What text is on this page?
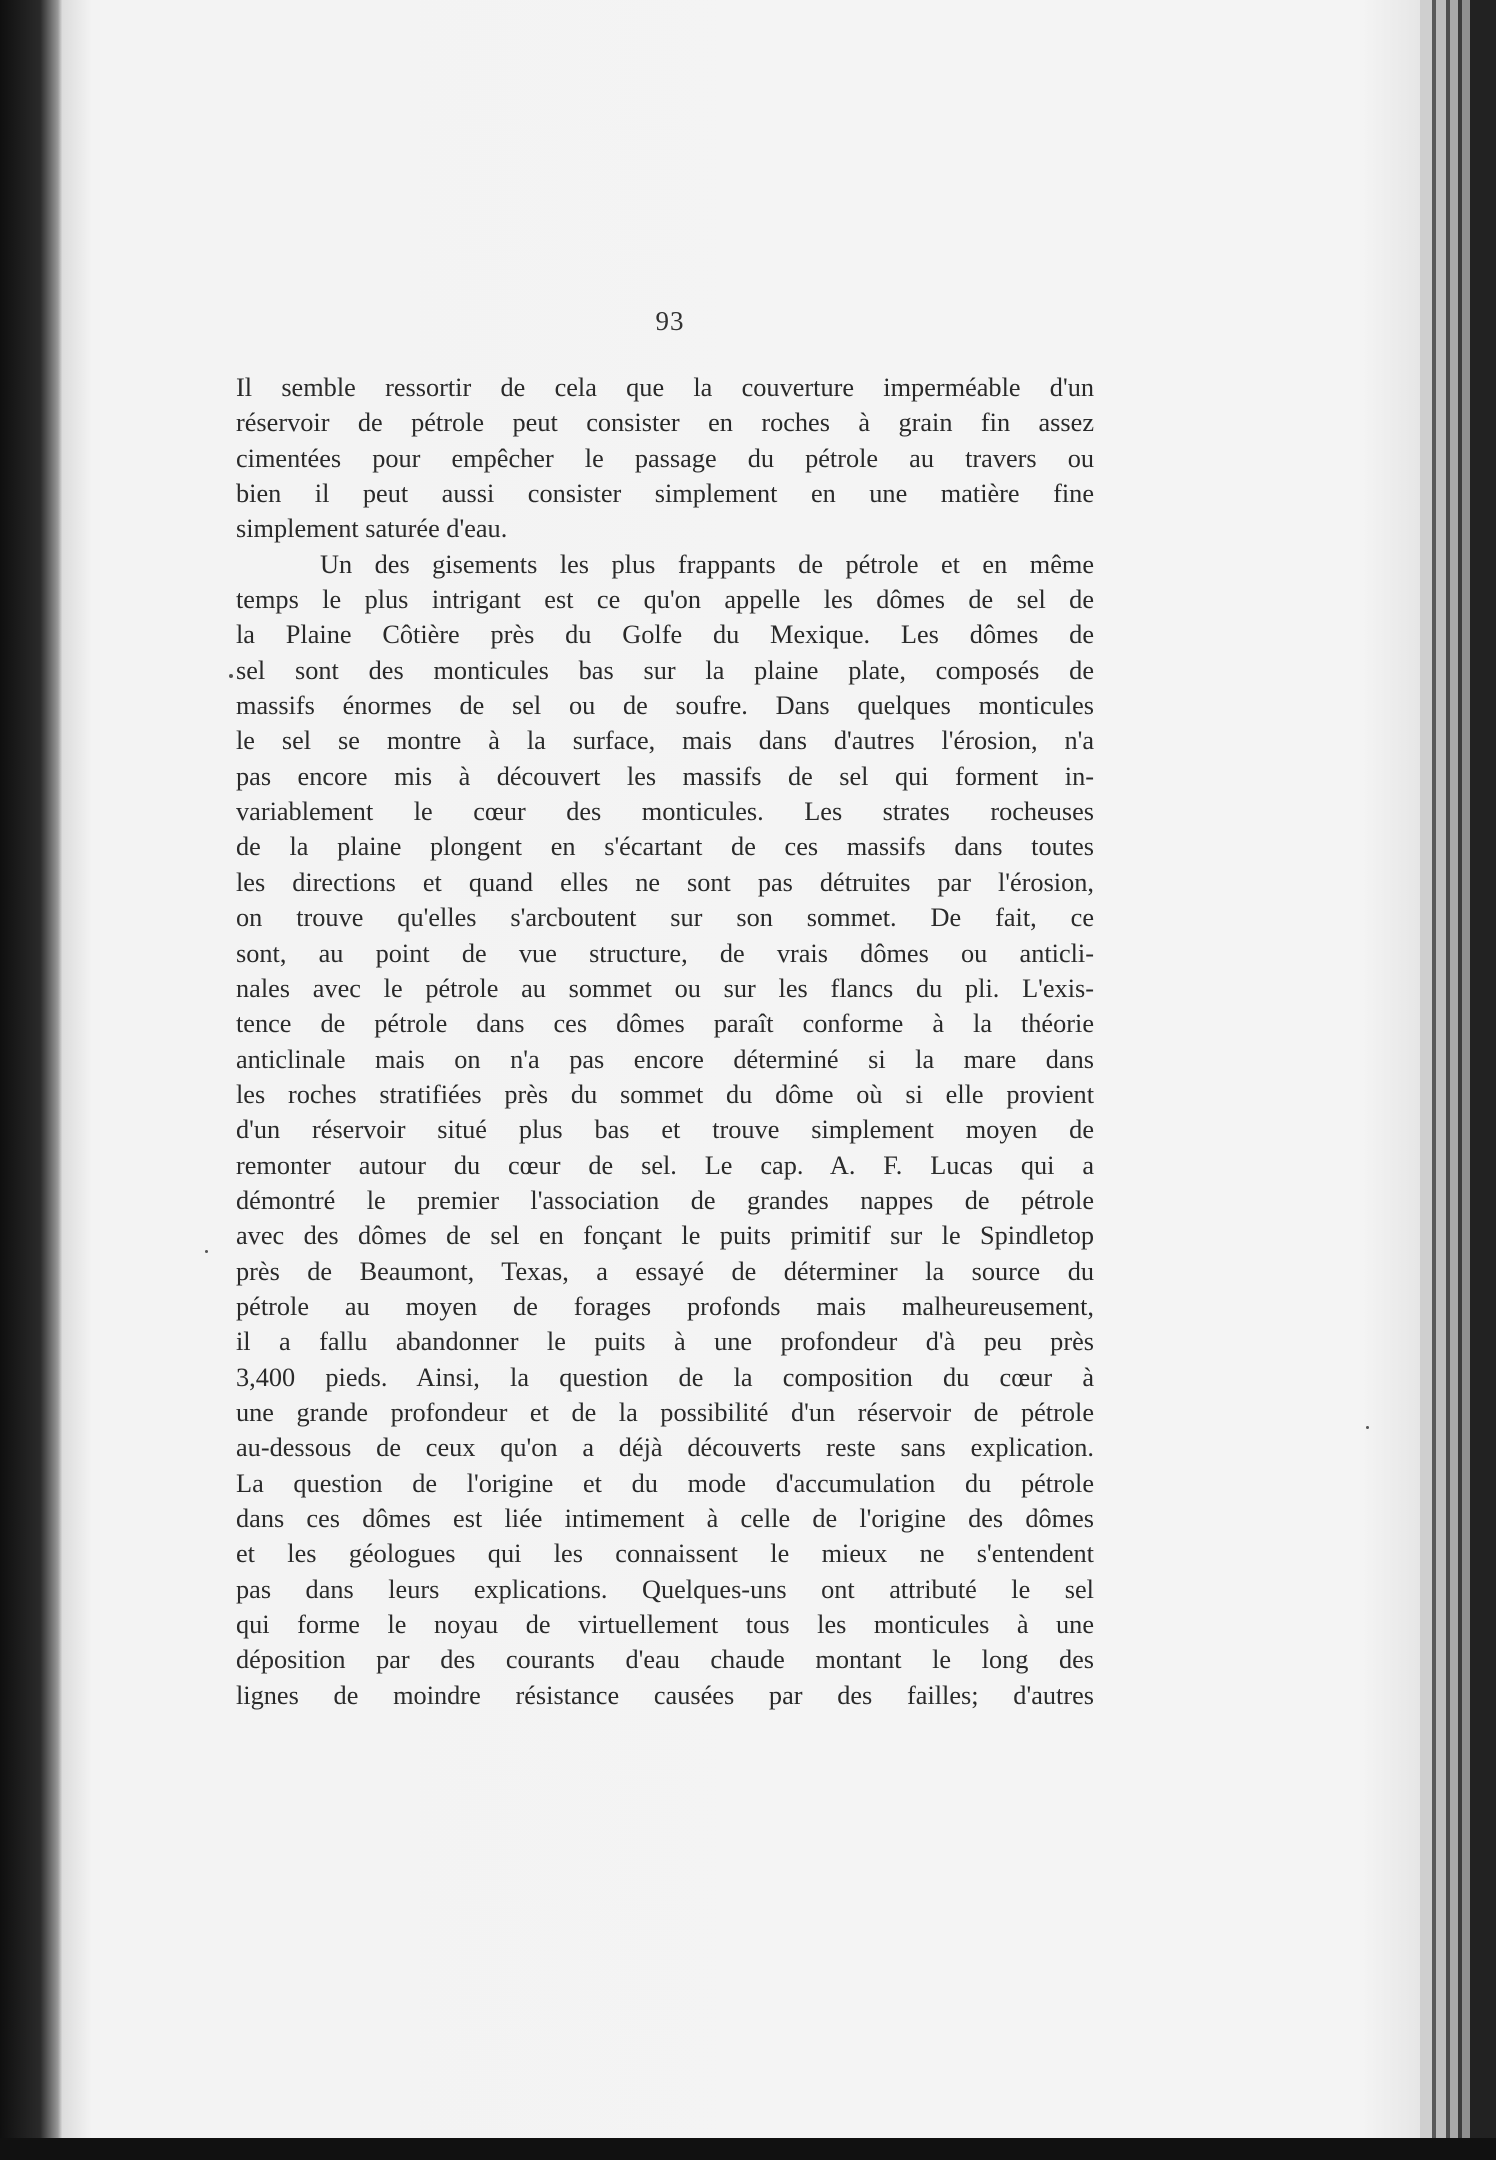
93
Il semble ressortir de cela que la couverture imperméable d'un
réservoir de pétrole peut consister en roches à grain fin assez
cimentées pour empêcher le passage du pétrole au travers ou
bien il peut aussi consister simplement en une matière fine
simplement saturée d'eau.
Un des gisements les plus frappants de pétrole et en même
temps le plus intrigant est ce qu'on appelle les dômes de sel de
la Plaine Côtière près du Golfe du Mexique. Les dômes de
sel sont des monticules bas sur la plaine plate, composés de
massifs énormes de sel ou de soufre. Dans quelques monticules
le sel se montre à la surface, mais dans d'autres l'érosion, n'a
pas encore mis à découvert les massifs de sel qui forment in-
variablement le cœur des monticules. Les strates rocheuses
de la plaine plongent en s'écartant de ces massifs dans toutes
les directions et quand elles ne sont pas détruites par l'érosion,
on trouve qu'elles s'arcboutent sur son sommet. De fait, ce
sont, au point de vue structure, de vrais dômes ou anticli-
nales avec le pétrole au sommet ou sur les flancs du pli. L'exis-
tence de pétrole dans ces dômes paraît conforme à la théorie
anticlinale mais on n'a pas encore déterminé si la mare dans
les roches stratifiées près du sommet du dôme où si elle provient
d'un réservoir situé plus bas et trouve simplement moyen de
remonter autour du cœur de sel. Le cap. A. F. Lucas qui a
démontré le premier l'association de grandes nappes de pétrole
avec des dômes de sel en fonçant le puits primitif sur le Spindletop
près de Beaumont, Texas, a essayé de déterminer la source du
pétrole au moyen de forages profonds mais malheureusement,
il a fallu abandonner le puits à une profondeur d'à peu près
3,400 pieds. Ainsi, la question de la composition du cœur à
une grande profondeur et de la possibilité d'un réservoir de pétrole
au-dessous de ceux qu'on a déjà découverts reste sans explication.
La question de l'origine et du mode d'accumulation du pétrole
dans ces dômes est liée intimement à celle de l'origine des dômes
et les géologues qui les connaissent le mieux ne s'entendent
pas dans leurs explications. Quelques-uns ont attributé le sel
qui forme le noyau de virtuellement tous les monticules à une
déposition par des courants d'eau chaude montant le long des
lignes de moindre résistance causées par des failles; d'autres
